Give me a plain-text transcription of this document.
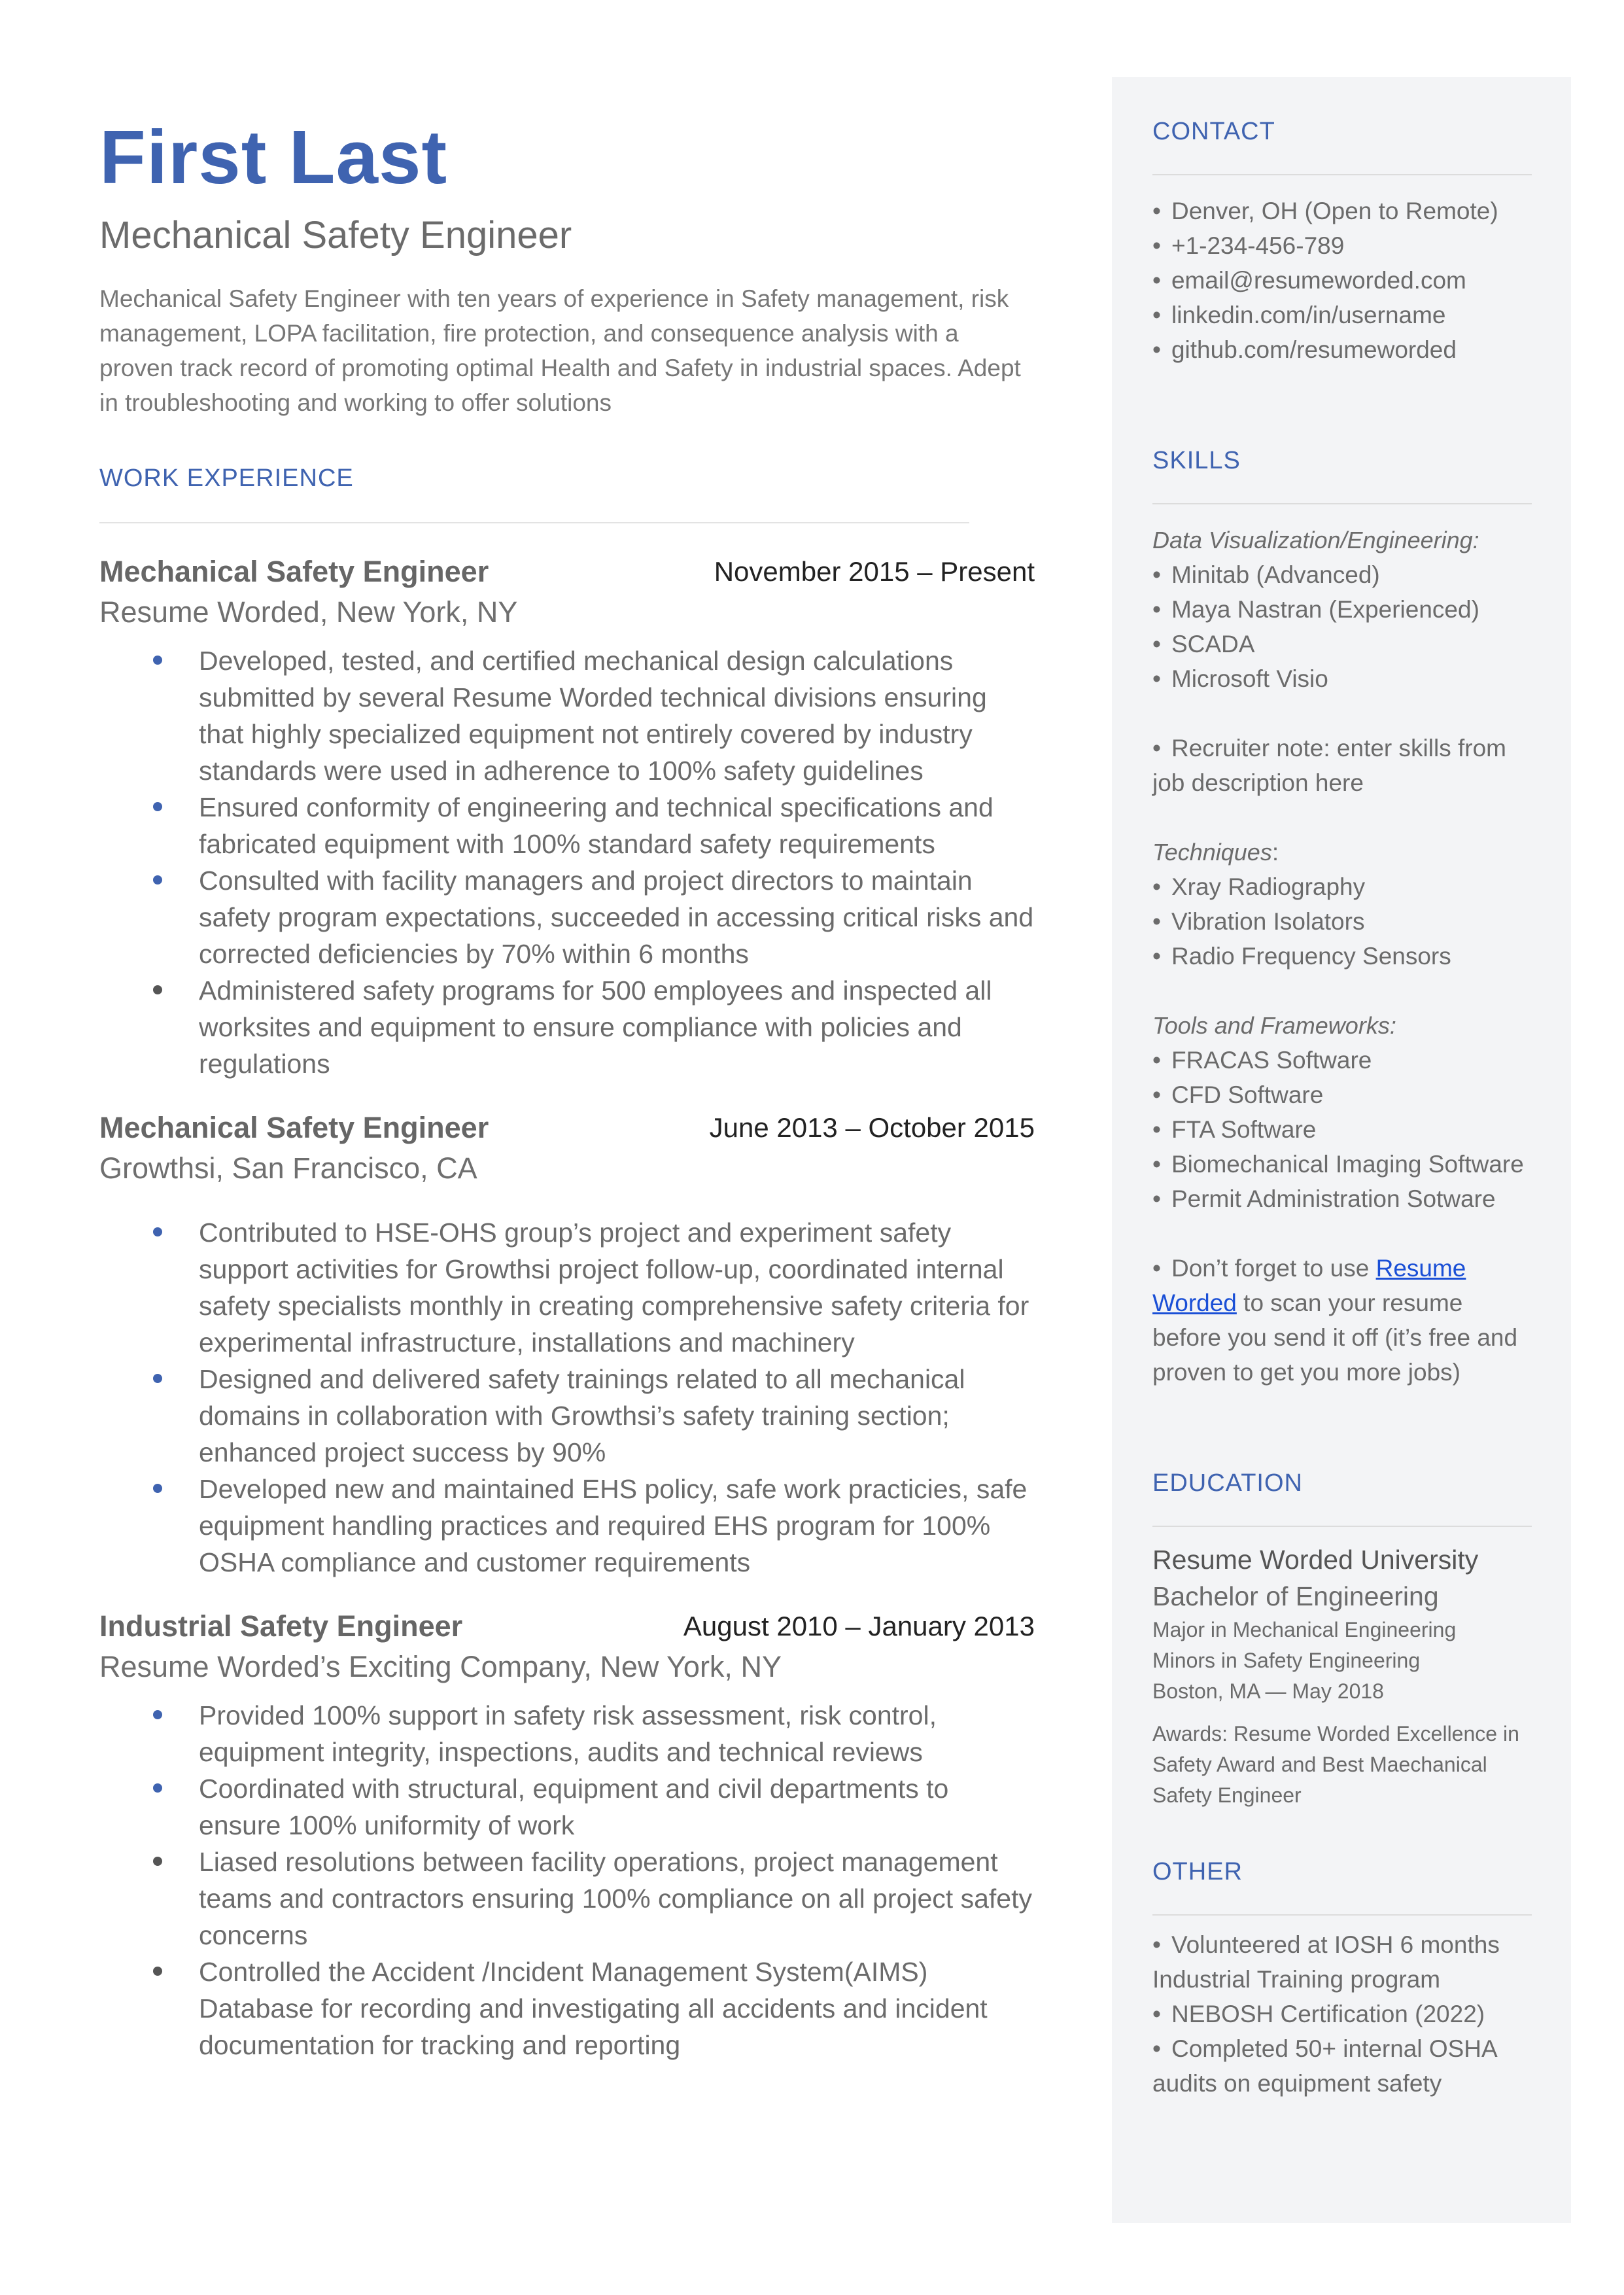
First Last
Mechanical Safety Engineer
Mechanical Safety Engineer with ten years of experience in Safety management, risk management, LOPA facilitation, fire protection, and consequence analysis with a proven track record of promoting optimal Health and Safety in industrial spaces. Adept in troubleshooting and working to offer solutions
WORK EXPERIENCE
Mechanical Safety Engineer	November 2015 – Present
Resume Worded, New York, NY
Developed, tested, and certified mechanical design calculations submitted by several Resume Worded technical divisions ensuring that highly specialized equipment not entirely covered by industry standards were used in adherence to 100% safety guidelines
Ensured conformity of engineering and technical specifications and fabricated equipment with 100% standard safety requirements
Consulted with facility managers and project directors to maintain safety program expectations, succeeded in accessing critical risks and corrected deficiencies by 70% within 6 months
Administered safety programs for 500 employees and inspected all worksites and equipment to ensure compliance with policies and regulations
Mechanical Safety Engineer	June 2013 – October 2015
Growthsi, San Francisco, CA
Contributed to HSE-OHS group’s project and experiment safety support activities for Growthsi project follow-up, coordinated internal safety specialists monthly in creating comprehensive safety criteria for experimental infrastructure, installations and machinery
Designed and delivered safety trainings related to all mechanical domains in collaboration with Growthsi’s safety training section; enhanced project success by 90%
Developed new and maintained EHS policy, safe work practicies, safe equipment handling practices and required EHS program for 100% OSHA compliance and customer requirements
Industrial Safety Engineer	August 2010 – January 2013
Resume Worded’s Exciting Company, New York, NY
Provided 100% support in safety risk assessment, risk control, equipment integrity, inspections, audits and technical reviews
Coordinated with structural, equipment and civil departments to ensure 100% uniformity of work
Liased resolutions between facility operations, project management teams and contractors ensuring 100% compliance on all project safety concerns
Controlled the Accident /Incident Management System(AIMS) Database for recording and investigating all accidents and incident documentation for tracking and reporting
CONTACT
• Denver, OH (Open to Remote)
• +1-234-456-789
• email@resumeworded.com
• linkedin.com/in/username
• github.com/resumeworded
SKILLS
Data Visualization/Engineering:
• Minitab (Advanced)
• Maya Nastran (Experienced)
• SCADA
• Microsoft Visio
• Recruiter note: enter skills from job description here
Techniques:
• Xray Radiography
• Vibration Isolators
• Radio Frequency Sensors
Tools and Frameworks:
• FRACAS Software
• CFD Software
• FTA Software
• Biomechanical Imaging Software
• Permit Administration Sotware
• Don’t forget to use Resume Worded to scan your resume before you send it off (it’s free and proven to get you more jobs)
EDUCATION
Resume Worded University
Bachelor of Engineering
Major in Mechanical Engineering
Minors in Safety Engineering
Boston, MA — May 2018
Awards: Resume Worded Excellence in Safety Award and Best Maechanical Safety Engineer
OTHER
• Volunteered at IOSH 6 months Industrial Training program
• NEBOSH Certification (2022)
• Completed 50+ internal OSHA audits on equipment safety
